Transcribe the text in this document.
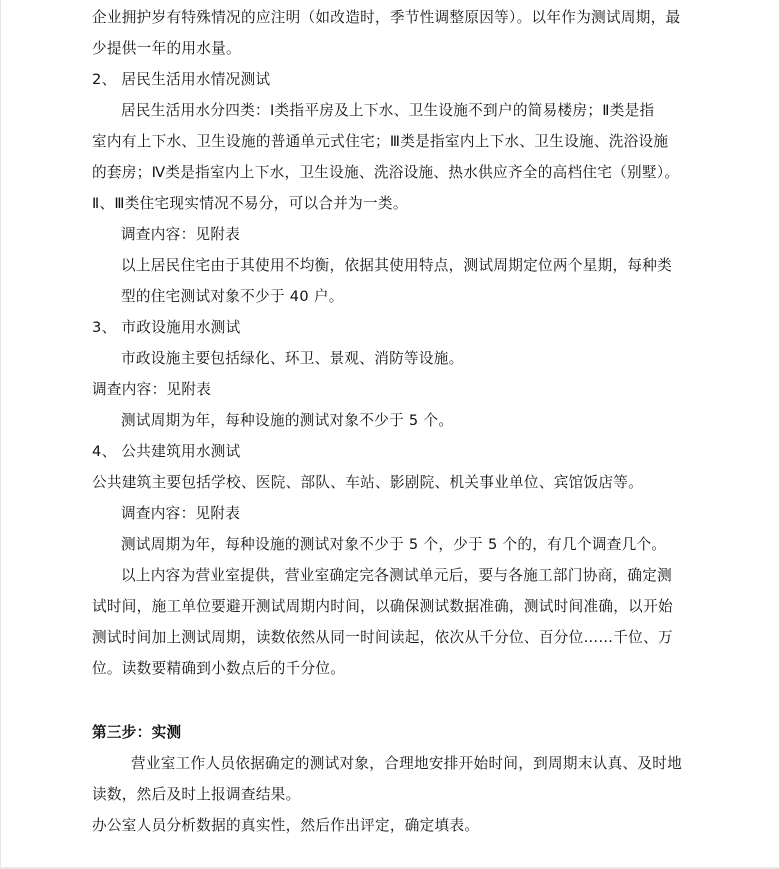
企业拥护岁有特殊情况的应注明（如改造时，季节性调整原因等）。以年作为测试周期，最
少提供一年的用水量。
2、 居民生活用水情况测试
居民生活用水分四类：Ⅰ类指平房及上下水、卫生设施不到户的简易楼房；Ⅱ类是指
室内有上下水、卫生设施的普通单元式住宅；Ⅲ类是指室内上下水、卫生设施、洗浴设施
的套房；Ⅳ类是指室内上下水，卫生设施、洗浴设施、热水供应齐全的高档住宅（别墅）。
Ⅱ、Ⅲ类住宅现实情况不易分，可以合并为一类。
调查内容：见附表
以上居民住宅由于其使用不均衡，依据其使用特点，测试周期定位两个星期，每种类
型的住宅测试对象不少于 40 户。
3、 市政设施用水测试
市政设施主要包括绿化、环卫、景观、消防等设施。
调查内容：见附表
测试周期为年，每种设施的测试对象不少于 5 个。
4、 公共建筑用水测试
公共建筑主要包括学校、医院、部队、车站、影剧院、机关事业单位、宾馆饭店等。
调查内容：见附表
测试周期为年，每种设施的测试对象不少于 5 个，少于 5 个的，有几个调查几个。
以上内容为营业室提供，营业室确定完各测试单元后，要与各施工部门协商，确定测
试时间，施工单位要避开测试周期内时间，以确保测试数据准确，测试时间准确，以开始
测试时间加上测试周期，读数依然从同一时间读起，依次从千分位、百分位……千位、万
位。读数要精确到小数点后的千分位。
第三步：实测
营业室工作人员依据确定的测试对象，合理地安排开始时间，到周期末认真、及时地
读数，然后及时上报调查结果。
办公室人员分析数据的真实性，然后作出评定，确定填表。
